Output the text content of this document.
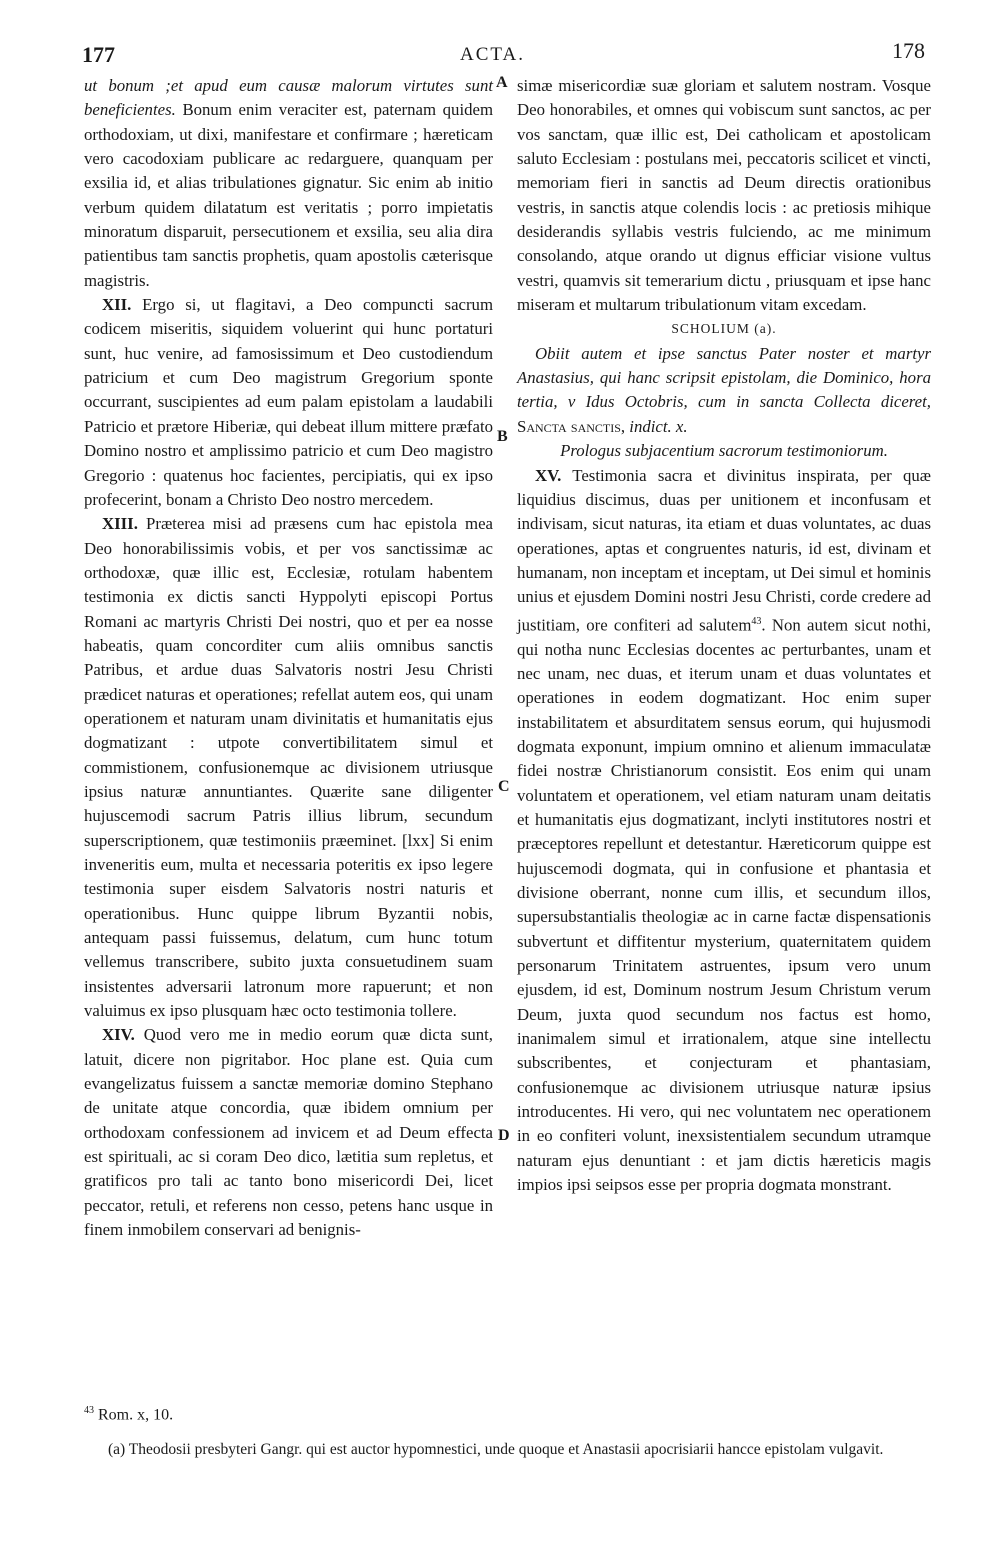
177	ACTA.	178
A
B
C
D

ut bonum ;et apud eum causæ malorum virtutes sunt beneficientes. Bonum enim veraciter est, paternam quidem orthodoxiam, ut dixi, manifestare et confirmare ; hæreticam vero cacodoxiam publicare ac redarguere, quanquam per exsilia id, et alias tribulationes gignatur. Sic enim ab initio verbum quidem dilatatum est veritatis ; porro impietatis minoratum disparuit, persecutionem et exsilia, seu alia dira patientibus tam sanctis prophetis, quam apostolis cæterisque magistris.

XII. Ergo si, ut flagitavi, a Deo compuncti sacrum codicem miseritis, siquidem voluerint qui hunc portaturi sunt, huc venire, ad famosissimum et Deo custodiendum patricium et cum Deo magistrum Gregorium sponte occurrant, suscipientes ad eum palam epistolam a laudabili Patricio et prætore Hiberiæ, qui debeat illum mittere præfato Domino nostro et amplissimo patricio et cum Deo magistro Gregorio : quatenus hoc facientes, percipiatis, qui ex ipso profecerint, bonam a Christo Deo nostro mercedem.

XIII. Præterea misi ad præsens cum hac epistola mea Deo honorabilissimis vobis, et per vos sanctissimæ ac orthodoxæ, quæ illic est, Ecclesiæ, rotulam habentem testimonia ex dictis sancti Hyppolyti episcopi Portus Romani ac martyris Christi Dei nostri, quo et per ea nosse habeatis, quam concorditer cum aliis omnibus sanctis Patribus, et ardue duas Salvatoris nostri Jesu Christi prædicet naturas et operationes; refellat autem eos, qui unam operationem et naturam unam divinitatis et humanitatis ejus dogmatizant : utpote convertibilitatem simul et commistionem, confusionemque ac divisionem utriusque ipsius naturæ annuntiantes. Quærite sane diligenter hujuscemodi sacrum Patris illius librum, secundum superscriptionem, quæ testimoniis præeminet. [lxx] Si enim inveneritis eum, multa et necessaria poteritis ex ipso legere testimonia super eisdem Salvatoris nostri naturis et operationibus. Hunc quippe librum Byzantii nobis, antequam passi fuissemus, delatum, cum hunc totum vellemus transcribere, subito juxta consuetudinem suam insistentes adversarii latronum more rapuerunt; et non valuimus ex ipso plusquam hæc octo testimonia tollere.

XIV. Quod vero me in medio eorum quæ dicta sunt, latuit, dicere non pigritabor. Hoc plane est. Quia cum evangelizatus fuissem a sanctæ memoriæ domino Stephano de unitate atque concordia, quæ ibidem omnium per orthodoxam confessionem ad invicem et ad Deum effecta est spirituali, ac si coram Deo dico, lætitia sum repletus, et gratificos pro tali ac tanto bono misericordi Dei, licet peccator, retuli, et referens non cesso, petens hanc usque in finem inmobilem conservari ad benignis-

simæ misericordiæ suæ gloriam et salutem nostram. Vosque Deo honorabiles, et omnes qui vobiscum sunt sanctos, ac per vos sanctam, quæ illic est, Dei catholicam et apostolicam saluto Ecclesiam : postulans mei, peccatoris scilicet et vincti, memoriam fieri in sanctis ad Deum directis orationibus vestris, in sanctis atque colendis locis : ac pretiosis mihique desiderandis syllabis vestris fulciendo, ac me minimum consolando, atque orando ut dignus efficiar visione vultus vestri, quamvis sit temerarium dictu , priusquam et ipse hanc miseram et multarum tribulationum vitam excedam.

SCHOLIUM (a).

Obiit autem et ipse sanctus Pater noster et martyr Anastasius, qui hanc scripsit epistolam, die Dominico, hora tertia, v Idus Octobris, cum in sancta Collecta diceret, Sancta sanctis, indict. x.

Prologus subjacentium sacrorum testimoniorum.

XV. Testimonia sacra et divinitus inspirata, per quæ liquidius discimus, duas per unitionem et inconfusam et indivisam, sicut naturas, ita etiam et duas voluntates, ac duas operationes, aptas et congruentes naturis, id est, divinam et humanam, non inceptam et inceptam, ut Dei simul et hominis unius et ejusdem Domini nostri Jesu Christi, corde credere ad justitiam, ore confiteri ad salutem$^{43}$. Non autem sicut nothi, qui notha nunc Ecclesias docentes ac perturbantes, unam et nec unam, nec duas, et iterum unam et duas voluntates et operationes in eodem dogmatizant. Hoc enim super instabilitatem et absurditatem sensus eorum, qui hujusmodi dogmata exponunt, impium omnino et alienum immaculatæ fidei nostræ Christianorum consistit. Eos enim qui unam voluntatem et operationem, vel etiam naturam unam deitatis et humanitatis ejus dogmatizant, inclyti institutores nostri et præceptores repellunt et detestantur. Hæreticorum quippe est hujuscemodi dogmata, qui in confusione et phantasia et divisione oberrant, nonne cum illis, et secundum illos, supersubstantialis theologiæ ac in carne factæ dispensationis subvertunt et diffitentur mysterium, quaternitatem quidem personarum Trinitatem astruentes, ipsum vero unum ejusdem, id est, Dominum nostrum Jesum Christum verum Deum, juxta quod secundum nos factus est homo, inanimalem simul et irrationalem, atque sine intellectu subscribentes, et conjecturam et phantasiam, confusionemque ac divisionem utriusque naturæ ipsius introducentes. Hi vero, qui nec voluntatem nec operationem in eo confiteri volunt, inexsistentialem secundum utramque naturam ejus denuntiant : et jam dictis hæreticis magis impios ipsi seipsos esse per propria dogmata monstrant.

$^{43}$ Rom. x, 10.
(a) Theodosii presbyteri Gangr. qui est auctor hypomnestici, unde quoque et Anastasii apocrisiarii hancce epistolam vulgavit.
